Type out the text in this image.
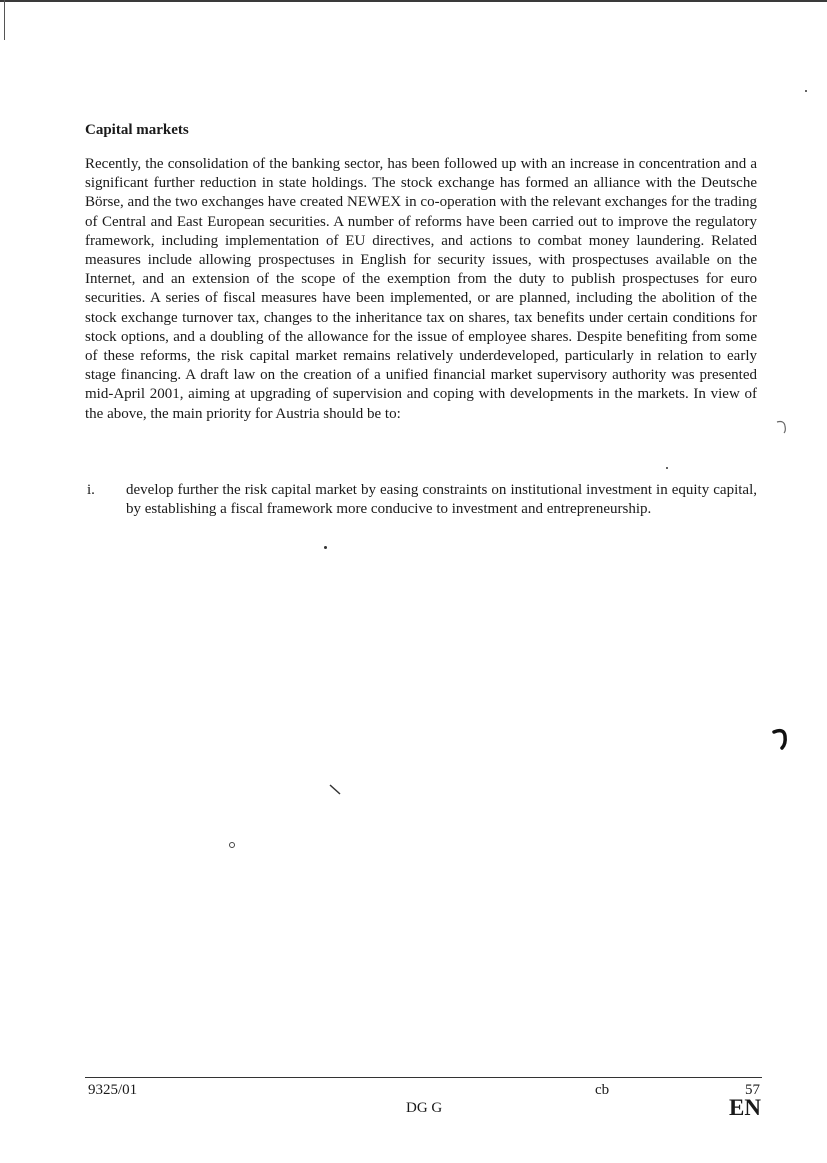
Capital markets

Recently, the consolidation of the banking sector, has been followed up with an increase in concentration and a significant further reduction in state holdings. The stock exchange has formed an alliance with the Deutsche Börse, and the two exchanges have created NEWEX in co-operation with the relevant exchanges for the trading of Central and East European securities. A number of reforms have been carried out to improve the regulatory framework, including implementation of EU directives, and actions to combat money laundering. Related measures include allowing prospectuses in English for security issues, with prospectuses available on the Internet, and an extension of the scope of the exemption from the duty to publish prospectuses for euro securities. A series of fiscal measures have been implemented, or are planned, including the abolition of the stock exchange turnover tax, changes to the inheritance tax on shares, tax benefits under certain conditions for stock options, and a doubling of the allowance for the issue of employee shares. Despite benefiting from some of these reforms, the risk capital market remains relatively underdeveloped, particularly in relation to early stage financing. A draft law on the creation of a unified financial market supervisory authority was presented mid-April 2001, aiming at upgrading of supervision and coping with developments in the markets. In view of the above, the main priority for Austria should be to:

i. develop further the risk capital market by easing constraints on institutional investment in equity capital, by establishing a fiscal framework more conducive to investment and entrepreneurship.
9325/01	cb	57
DG G	EN
